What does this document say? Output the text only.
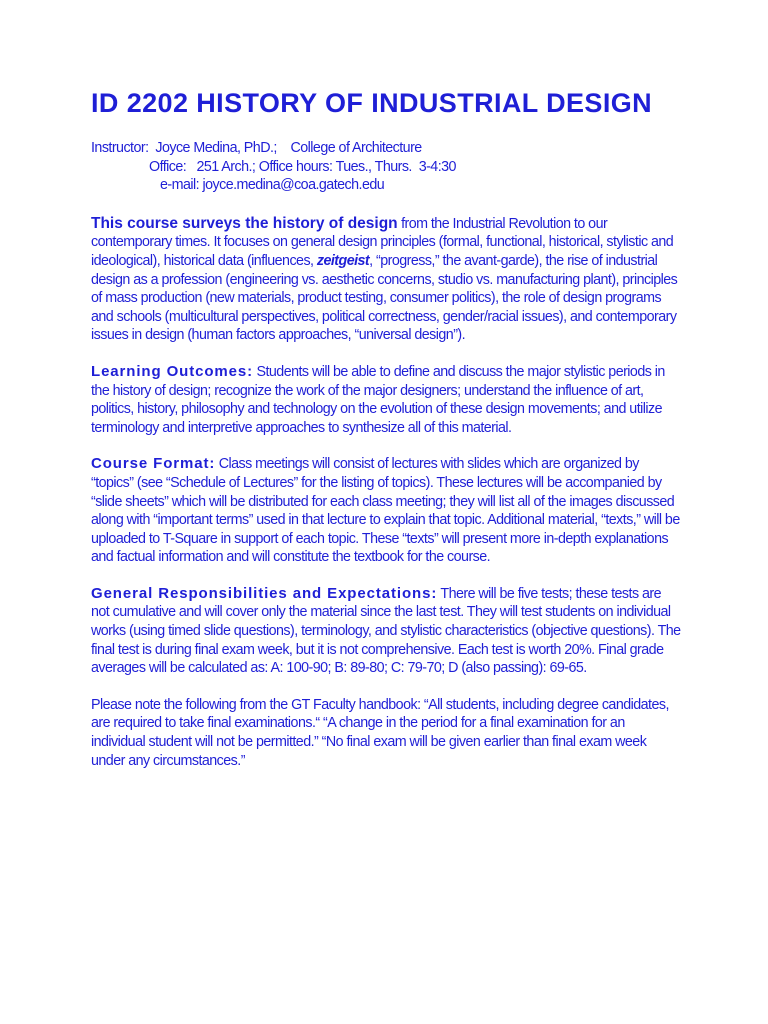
ID 2202 HISTORY OF INDUSTRIAL DESIGN
Instructor:  Joyce Medina, PhD.;    College of Architecture
Office:   251 Arch.; Office hours: Tues., Thurs.  3-4:30
e-mail: joyce.medina@coa.gatech.edu
This course surveys the history of design from the Industrial Revolution to our contemporary times. It focuses on general design principles (formal, functional, historical, stylistic and ideological), historical data (influences, zeitgeist, “progress,” the avant-garde), the rise of industrial design as a profession (engineering vs. aesthetic concerns, studio vs. manufacturing plant), principles of mass production (new materials, product testing, consumer politics), the role of design programs and schools (multicultural perspectives, political correctness, gender/racial issues), and contemporary issues in design (human factors approaches, “universal design”).
Learning Outcomes: Students will be able to define and discuss the major stylistic periods in the history of design; recognize the work of the major designers; understand the influence of art, politics, history, philosophy and technology on the evolution of these design movements; and utilize terminology and interpretive approaches to synthesize all of this material.
Course Format: Class meetings will consist of lectures with slides which are organized by “topics” (see “Schedule of Lectures” for the listing of topics). These lectures will be accompanied by “slide sheets” which will be distributed for each class meeting; they will list all of the images discussed along with “important terms” used in that lecture to explain that topic. Additional material, “texts,” will be uploaded to T-Square in support of each topic. These “texts” will present more in-depth explanations and factual information and will constitute the textbook for the course.
General Responsibilities and Expectations: There will be five tests; these tests are not cumulative and will cover only the material since the last test. They will test students on individual works (using timed slide questions), terminology, and stylistic characteristics (objective questions). The final test is during final exam week, but it is not comprehensive. Each test is worth 20%. Final grade averages will be calculated as: A: 100-90; B: 89-80; C: 79-70; D (also passing): 69-65.
Please note the following from the GT Faculty handbook: “All students, including degree candidates, are required to take final examinations.“ “A change in the period for a final examination for an individual student will not be permitted.” “No final exam will be given earlier than final exam week under any circumstances.”
